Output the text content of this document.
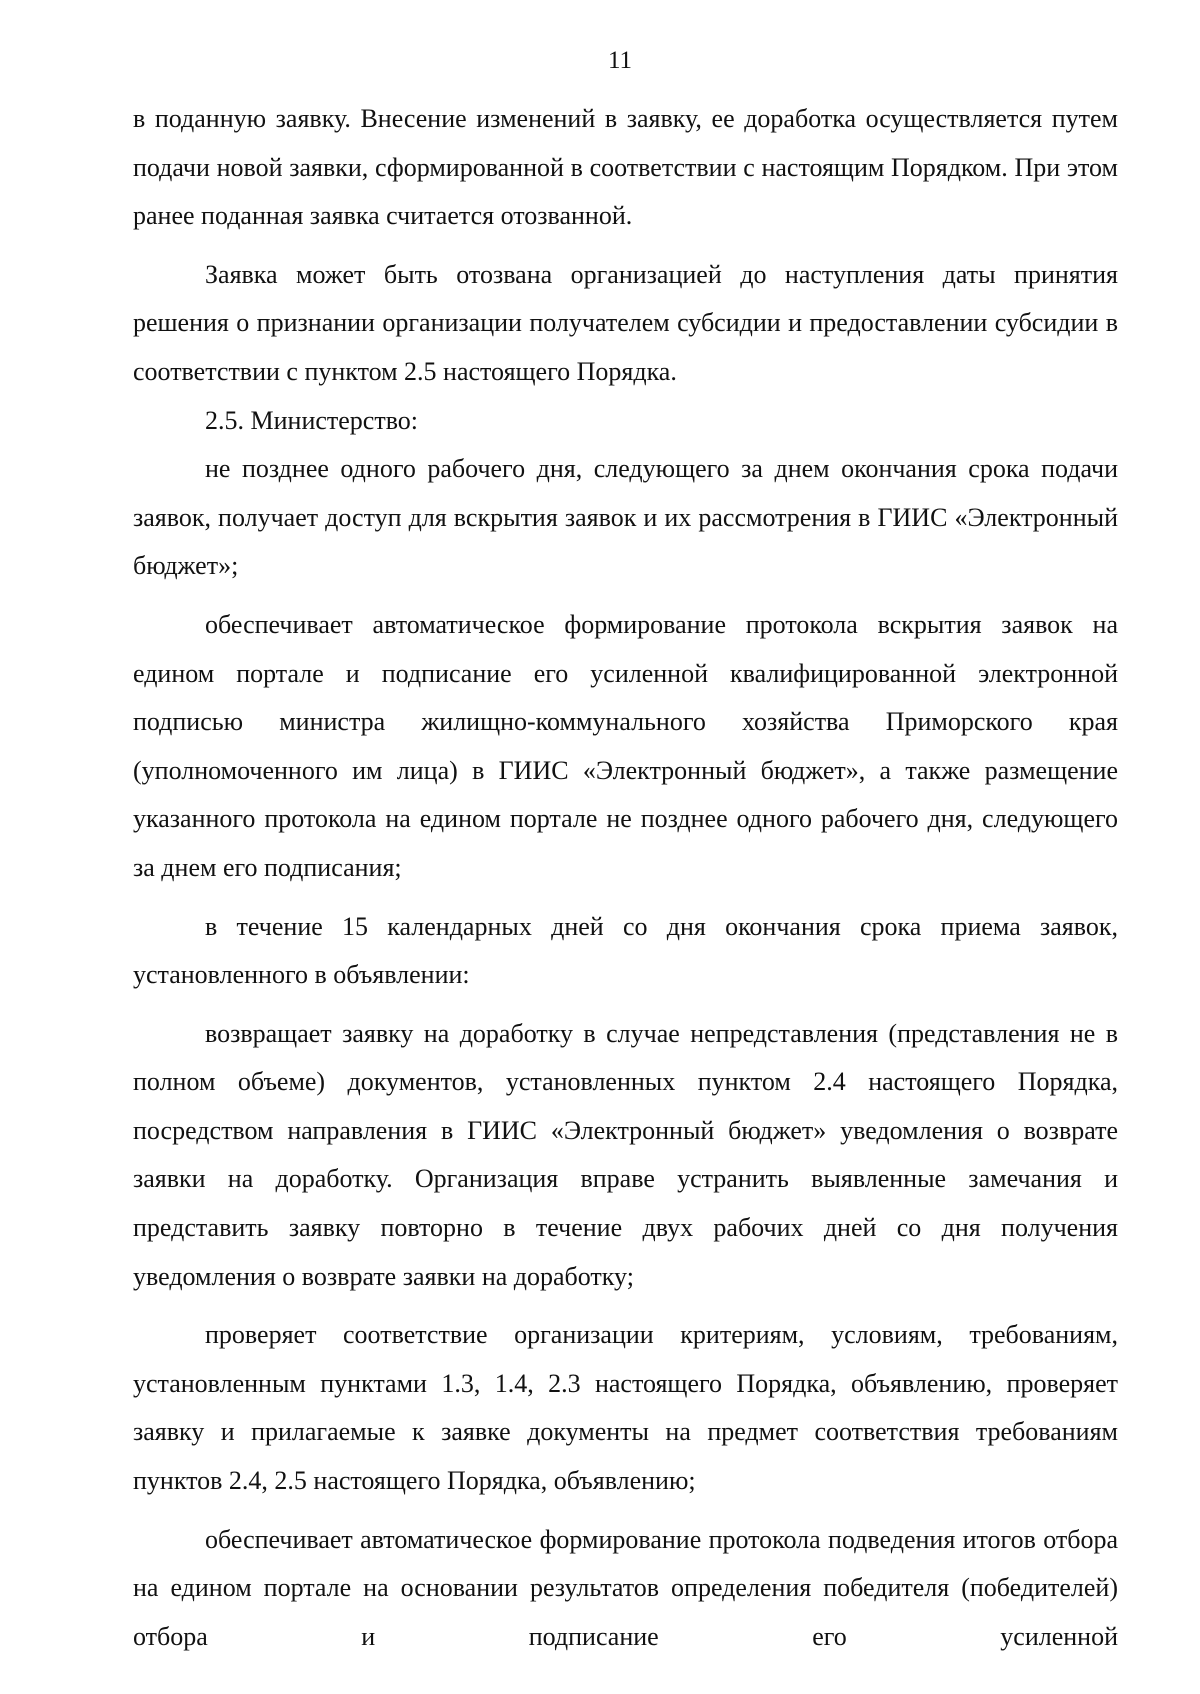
11

в поданную заявку. Внесение изменений в заявку, ее доработка осуществляется путем подачи новой заявки, сформированной в соответствии с настоящим Порядком. При этом ранее поданная заявка считается отозванной.

Заявка может быть отозвана организацией до наступления даты принятия решения о признании организации получателем субсидии и предоставлении субсидии в соответствии с пунктом 2.5 настоящего Порядка.

2.5. Министерство:

не позднее одного рабочего дня, следующего за днем окончания срока подачи заявок, получает доступ для вскрытия заявок и их рассмотрения в ГИИС «Электронный бюджет»;

обеспечивает автоматическое формирование протокола вскрытия заявок на едином портале и подписание его усиленной квалифицированной электронной подписью министра жилищно-коммунального хозяйства Приморского края (уполномоченного им лица) в ГИИС «Электронный бюджет», а также размещение указанного протокола на едином портале не позднее одного рабочего дня, следующего за днем его подписания;

в течение 15 календарных дней со дня окончания срока приема заявок, установленного в объявлении:

возвращает заявку на доработку в случае непредставления (представления не в полном объеме) документов, установленных пунктом 2.4 настоящего Порядка, посредством направления в ГИИС «Электронный бюджет» уведомления о возврате заявки на доработку. Организация вправе устранить выявленные замечания и представить заявку повторно в течение двух рабочих дней со дня получения уведомления о возврате заявки на доработку;

проверяет соответствие организации критериям, условиям, требованиям, установленным пунктами 1.3, 1.4, 2.3 настоящего Порядка, объявлению, проверяет заявку и прилагаемые к заявке документы на предмет соответствия требованиям пунктов 2.4, 2.5 настоящего Порядка, объявлению;

обеспечивает автоматическое формирование протокола подведения итогов отбора на едином портале на основании результатов определения победителя (победителей) отбора и подписание его усиленной
